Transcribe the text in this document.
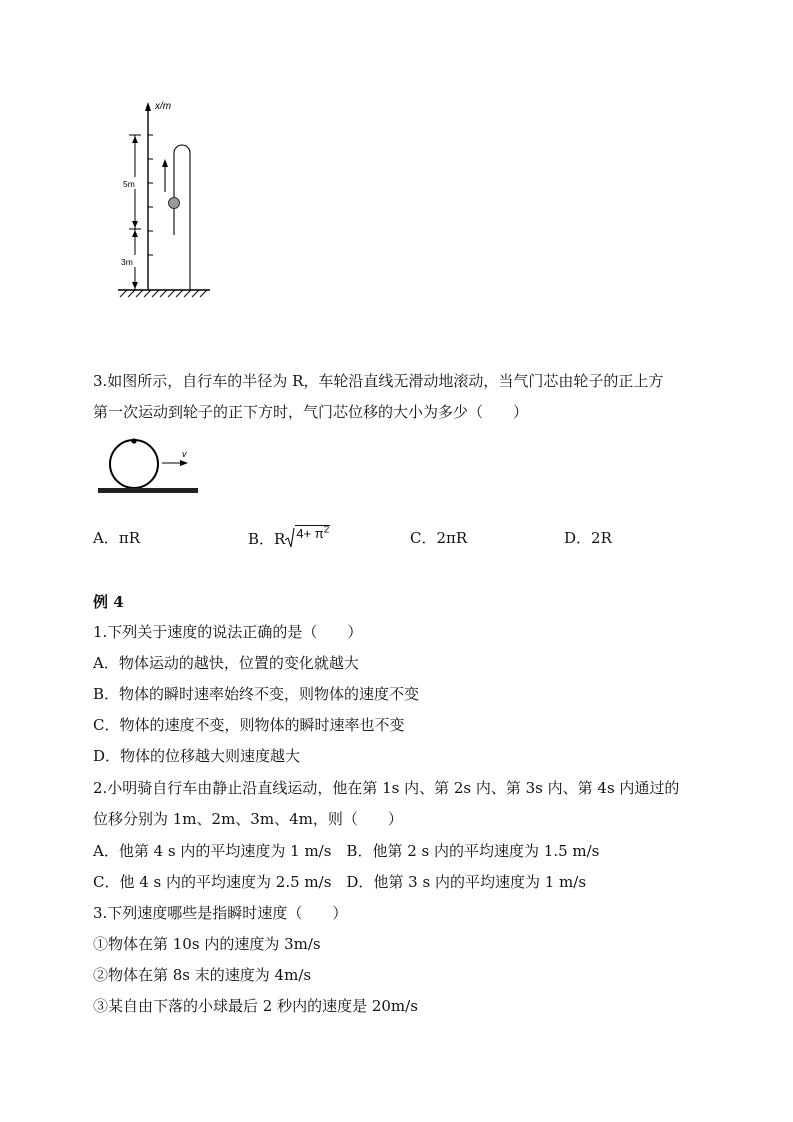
x/m
5m
3m
3.如图所示，自行车的半径为 R，车轮沿直线无滑动地滚动，当气门芯由轮子的正上方
第一次运动到轮子的正下方时，气门芯位移的大小为多少（　　）
v
A．πR	B．R $4+ \pi^2$	C．2πR	D．2R
例 4
1.下列关于速度的说法正确的是（　　）
A．物体运动的越快，位置的变化就越大
B．物体的瞬时速率始终不变，则物体的速度不变
C．物体的速度不变，则物体的瞬时速率也不变
D．物体的位移越大则速度越大
2.小明骑自行车由静止沿直线运动，他在第 1s 内、第 2s 内、第 3s 内、第 4s 内通过的
位移分别为 1m、2m、3m、4m，则（　　）
A．他第 4 s 内的平均速度为 1 m/s　B．他第 2 s 内的平均速度为 1.5 m/s
C．他 4 s 内的平均速度为 2.5 m/s　D．他第 3 s 内的平均速度为 1 m/s
3.下列速度哪些是指瞬时速度（　　）
①物体在第 10s 内的速度为 3m/s
②物体在第 8s 末的速度为 4m/s
③某自由下落的小球最后 2 秒内的速度是 20m/s
